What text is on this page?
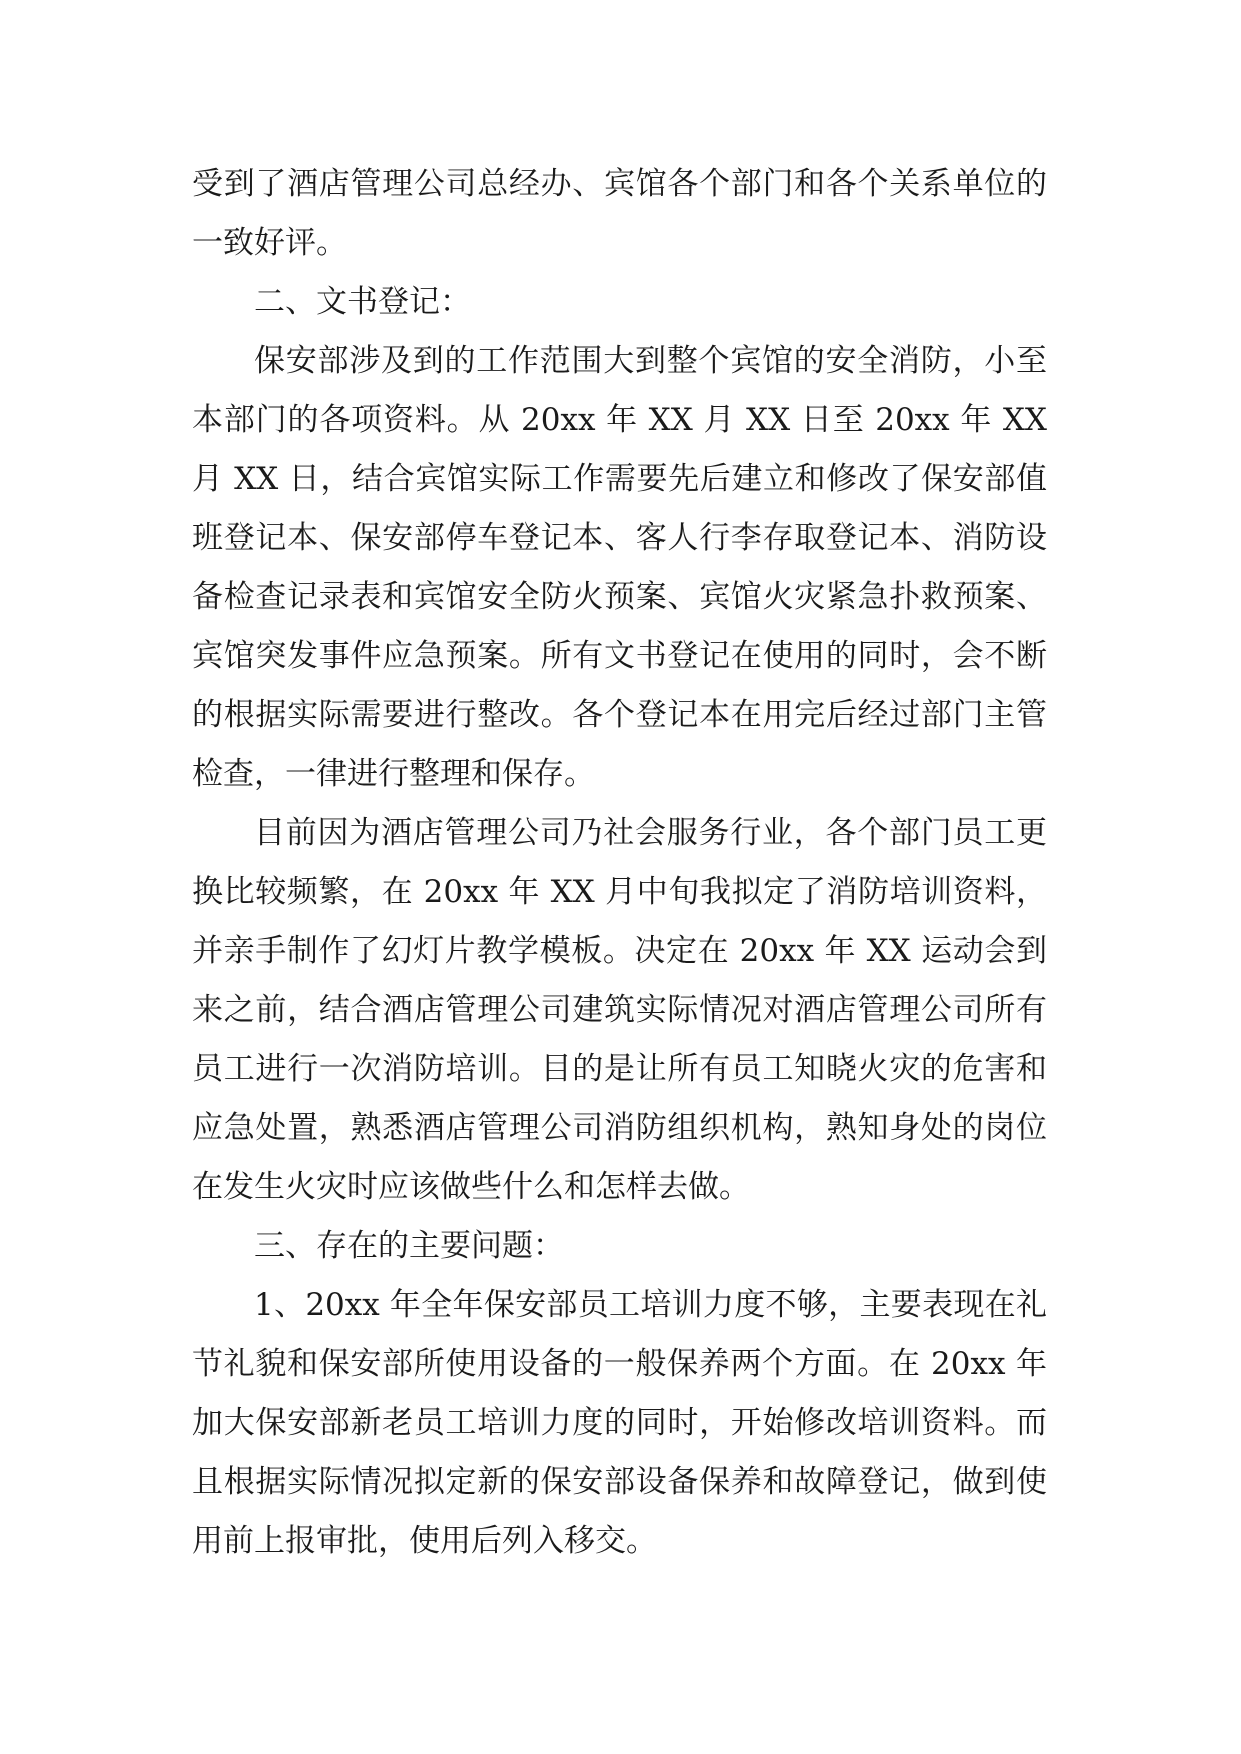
受到了酒店管理公司总经办、宾馆各个部门和各个关系单位的一致好评。

二、文书登记：

保安部涉及到的工作范围大到整个宾馆的安全消防，小至本部门的各项资料。从 20xx 年 XX 月 XX 日至 20xx 年 XX 月 XX 日，结合宾馆实际工作需要先后建立和修改了保安部值班登记本、保安部停车登记本、客人行李存取登记本、消防设备检查记录表和宾馆安全防火预案、宾馆火灾紧急扑救预案、宾馆突发事件应急预案。所有文书登记在使用的同时，会不断的根据实际需要进行整改。各个登记本在用完后经过部门主管检查，一律进行整理和保存。

目前因为酒店管理公司乃社会服务行业，各个部门员工更换比较频繁，在 20xx 年 XX 月中旬我拟定了消防培训资料，并亲手制作了幻灯片教学模板。决定在 20xx 年 XX 运动会到来之前，结合酒店管理公司建筑实际情况对酒店管理公司所有员工进行一次消防培训。目的是让所有员工知晓火灾的危害和应急处置，熟悉酒店管理公司消防组织机构，熟知身处的岗位在发生火灾时应该做些什么和怎样去做。

三、存在的主要问题：

1、20xx 年全年保安部员工培训力度不够，主要表现在礼节礼貌和保安部所使用设备的一般保养两个方面。在 20xx 年加大保安部新老员工培训力度的同时，开始修改培训资料。而且根据实际情况拟定新的保安部设备保养和故障登记，做到使用前上报审批，使用后列入移交。
